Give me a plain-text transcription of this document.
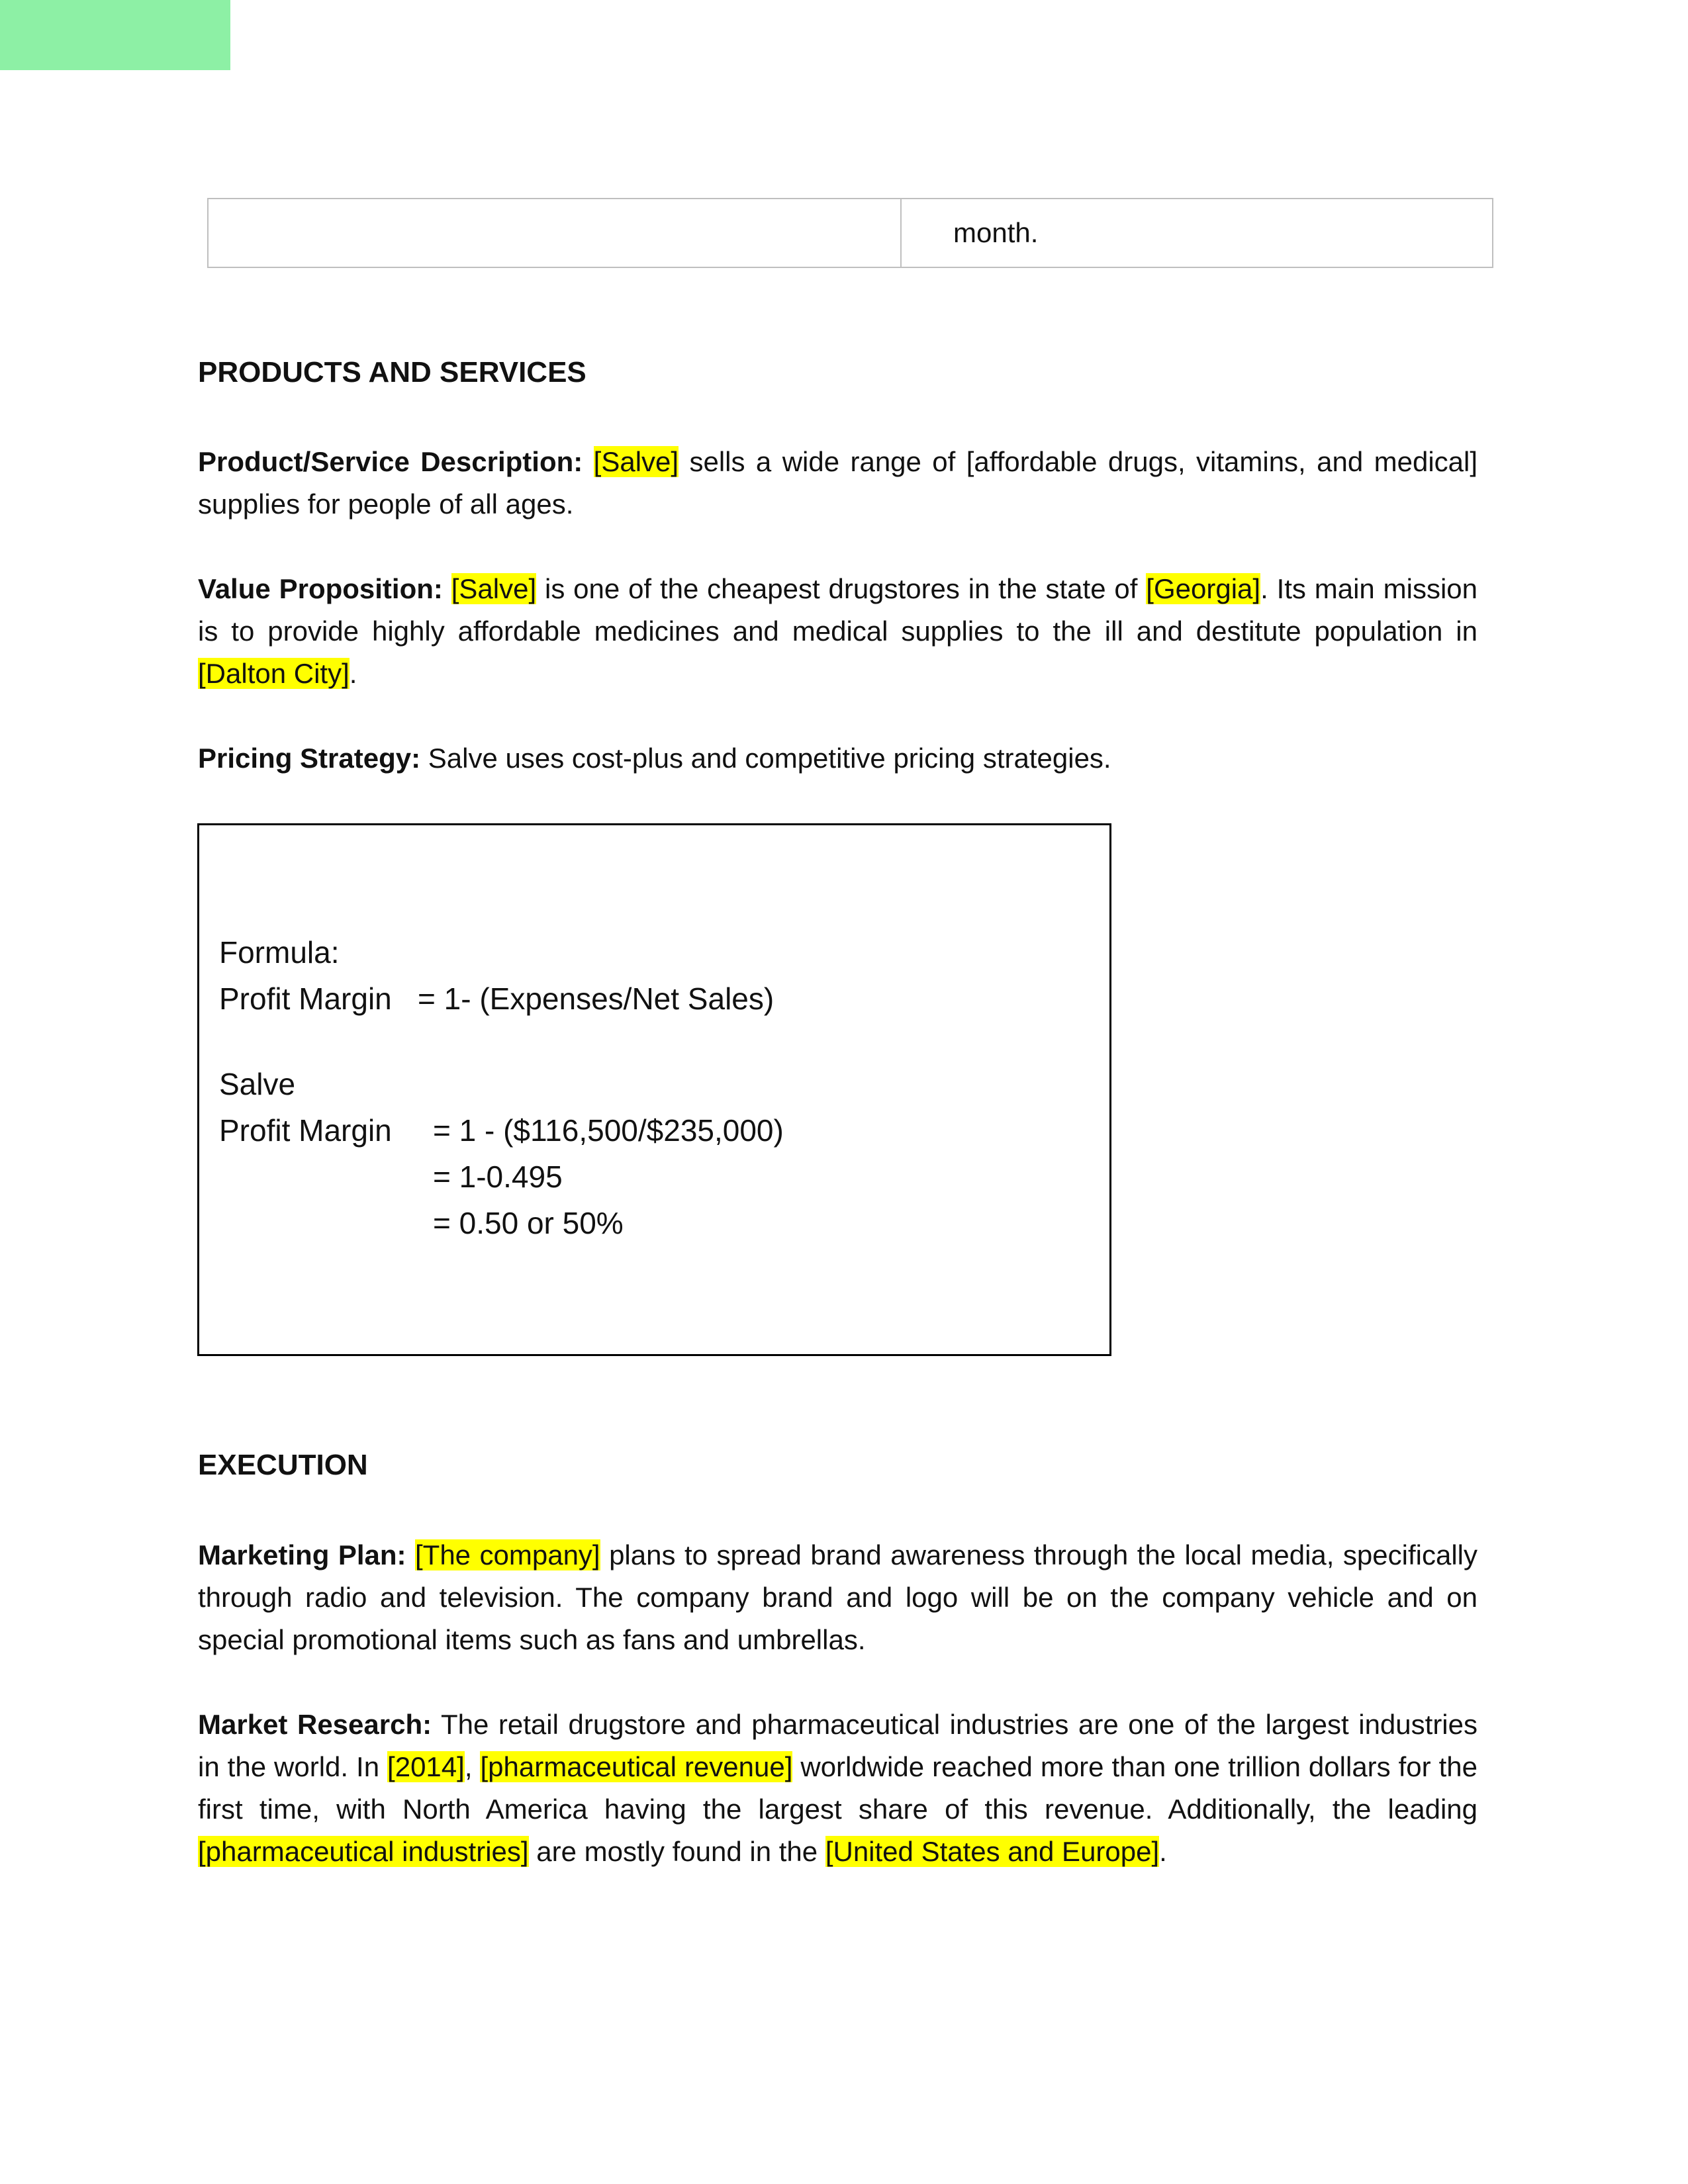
month.
PRODUCTS AND SERVICES
Product/Service Description: [Salve] sells a wide range of [affordable drugs, vitamins, and medical] supplies for people of all ages.
Value Proposition: [Salve] is one of the cheapest drugstores in the state of [Georgia]. Its main mission is to provide highly affordable medicines and medical supplies to the ill and destitute population in [Dalton City].
Pricing Strategy: Salve uses cost-plus and competitive pricing strategies.
Formula:
Profit Margin = 1- (Expenses/Net Sales)
Salve
Profit Margin = 1 - ($116,500/$235,000)
= 1-0.495
= 0.50 or 50%
EXECUTION
Marketing Plan: [The company] plans to spread brand awareness through the local media, specifically through radio and television. The company brand and logo will be on the company vehicle and on special promotional items such as fans and umbrellas.
Market Research: The retail drugstore and pharmaceutical industries are one of the largest industries in the world. In [2014], [pharmaceutical revenue] worldwide reached more than one trillion dollars for the first time, with North America having the largest share of this revenue. Additionally, the leading [pharmaceutical industries] are mostly found in the [United States and Europe].
